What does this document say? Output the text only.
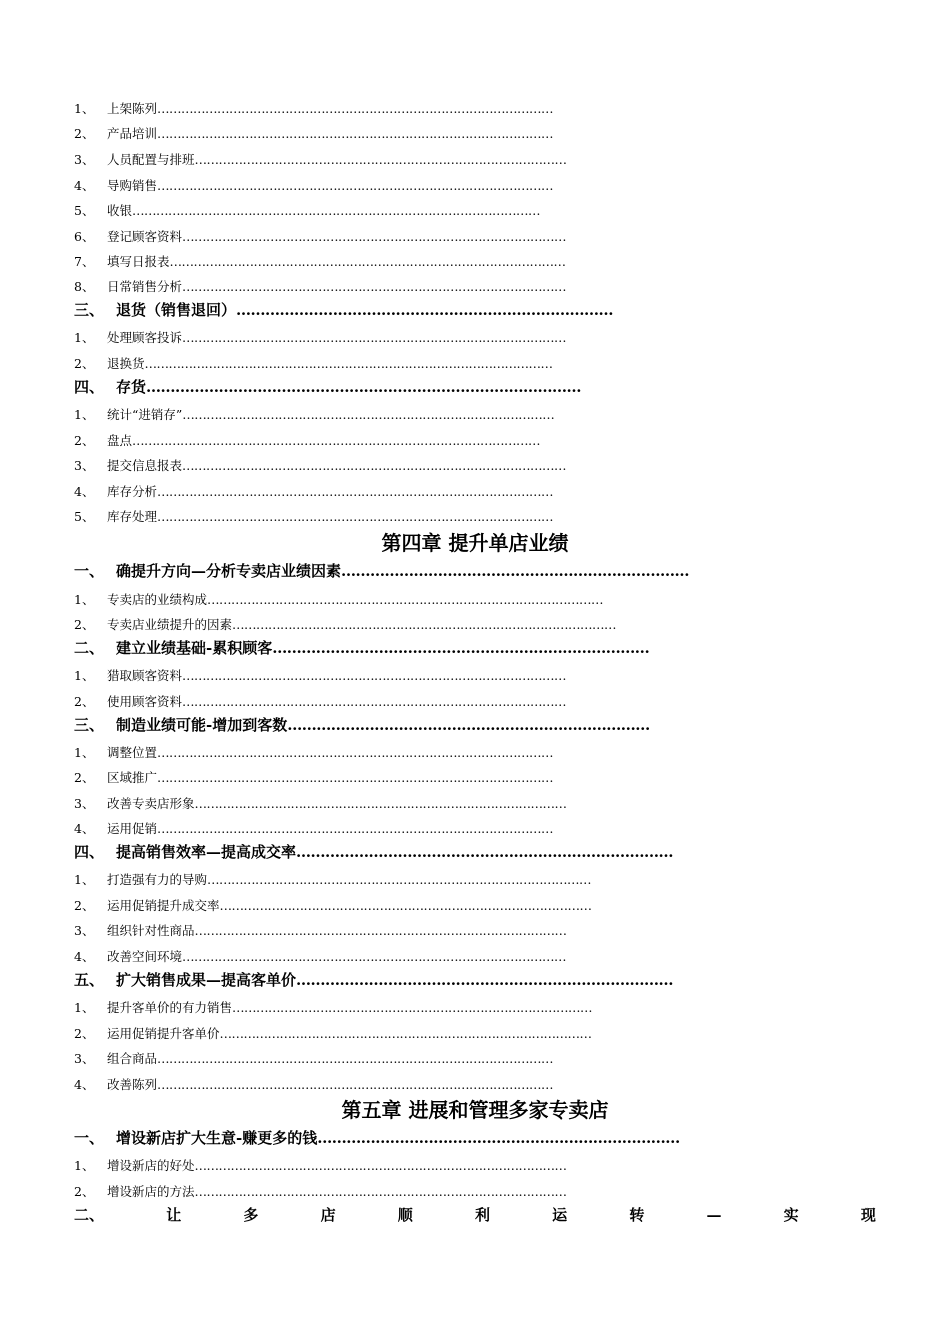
1、 上架陈列………………………………………………………………………………………
2、 产品培训………………………………………………………………………………………
3、 人员配置与排班…………………………………………………………………………………
4、 导购销售………………………………………………………………………………………
5、 收银…………………………………………………………………………………………
6、 登记顾客资料……………………………………………………………………………………
7、 填写日报表………………………………………………………………………………………
8、 日常销售分析……………………………………………………………………………………
三、 退货（销售退回）……………………………………………………………………
1、 处理顾客投诉……………………………………………………………………………………
2、 退换货…………………………………………………………………………………………
四、 存货………………………………………………………………………………
1、 统计“进销存”…………………………………………………………………………………
2、 盘点…………………………………………………………………………………………
3、 提交信息报表……………………………………………………………………………………
4、 库存分析………………………………………………………………………………………
5、 库存处理………………………………………………………………………………………
第四章 提升单店业绩
一、 确提升方向—分析专卖店业绩因素………………………………………………………………
1、 专卖店的业绩构成………………………………………………………………………………………
2、 专卖店业绩提升的因素……………………………………………………………………………………
二、 建立业绩基础-累积顾客……………………………………………………………………
1、 猎取顾客资料……………………………………………………………………………………
2、 使用顾客资料……………………………………………………………………………………
三、 制造业绩可能-增加到客数…………………………………………………………………
1、 调整位置………………………………………………………………………………………
2、 区域推广………………………………………………………………………………………
3、 改善专卖店形象…………………………………………………………………………………
4、 运用促销………………………………………………………………………………………
四、 提高销售效率—提高成交率……………………………………………………………………
1、 打造强有力的导购……………………………………………………………………………………
2、 运用促销提升成交率…………………………………………………………………………………
3、 组织针对性商品…………………………………………………………………………………
4、 改善空间环境……………………………………………………………………………………
五、 扩大销售成果—提高客单价……………………………………………………………………
1、 提升客单价的有力销售………………………………………………………………………………
2、 运用促销提升客单价…………………………………………………………………………………
3、 组合商品………………………………………………………………………………………
4、 改善陈列………………………………………………………………………………………
第五章 进展和管理多家专卖店
一、 增设新店扩大生意-赚更多的钱…………………………………………………………………
1、 增设新店的好处…………………………………………………………………………………
2、 增设新店的方法…………………………………………………………………………………
二、	让	多	店	顺	利	运	转	—	实	现
